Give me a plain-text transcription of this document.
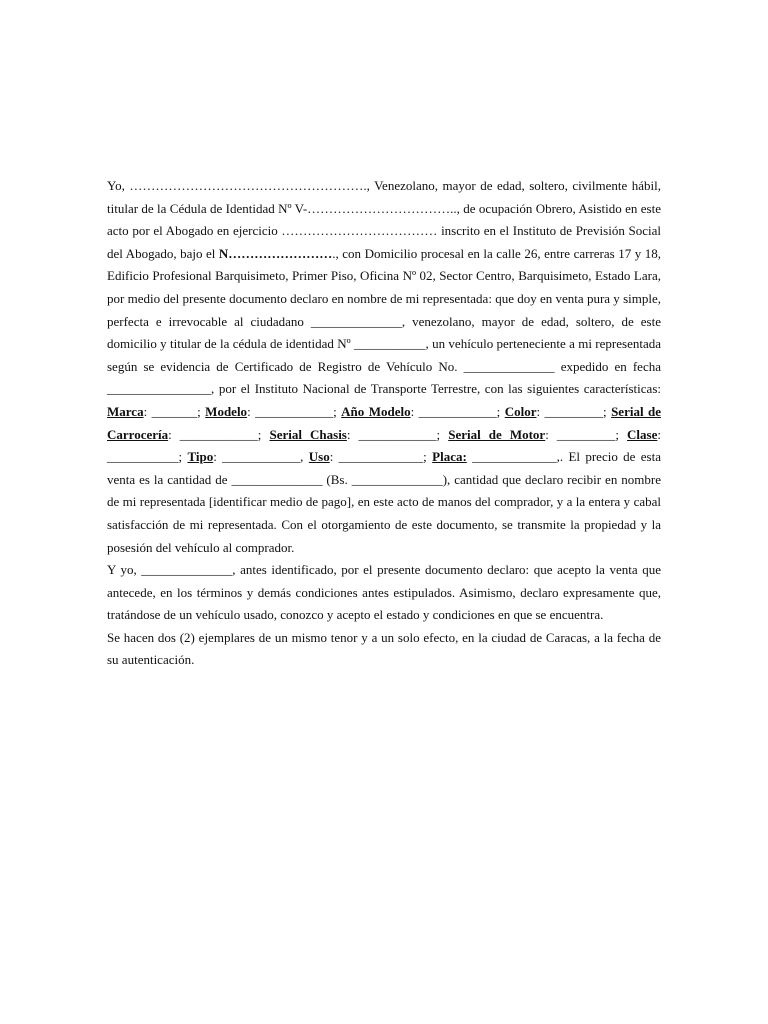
Yo, ………………………………………………., Venezolano, mayor de edad, soltero, civilmente hábil, titular de la Cédula de Identidad Nº V-…………………………….., de ocupación Obrero, Asistido en este acto por el Abogado en ejercicio ……………………………… inscrito en el Instituto de Previsión Social del Abogado, bajo el N……………………., con Domicilio procesal en la calle 26, entre carreras 17 y 18, Edificio Profesional Barquisimeto, Primer Piso, Oficina Nº 02, Sector Centro, Barquisimeto, Estado Lara, por medio del presente documento declaro en nombre de mi representada: que doy en venta pura y simple, perfecta e irrevocable al ciudadano ______________, venezolano, mayor de edad, soltero, de este domicilio y titular de la cédula de identidad Nº ___________, un vehículo perteneciente a mi representada según se evidencia de Certificado de Registro de Vehículo No. ______________ expedido en fecha ________________, por el Instituto Nacional de Transporte Terrestre, con las siguientes características: Marca: _______; Modelo: ____________; Año Modelo: ____________; Color: _________; Serial de Carrocería: ____________; Serial Chasis: ____________; Serial de Motor: _________; Clase: ___________; Tipo: ____________, Uso: _____________; Placa: _____________,. El precio de esta venta es la cantidad de ______________ (Bs. ______________), cantidad que declaro recibir en nombre de mi representada [identificar medio de pago], en este acto de manos del comprador, y a la entera y cabal satisfacción de mi representada. Con el otorgamiento de este documento, se transmite la propiedad y la posesión del vehículo al comprador.

Y yo, ______________, antes identificado, por el presente documento declaro: que acepto la venta que antecede, en los términos y demás condiciones antes estipulados. Asimismo, declaro expresamente que, tratándose de un vehículo usado, conozco y acepto el estado y condiciones en que se encuentra.

Se hacen dos (2) ejemplares de un mismo tenor y a un solo efecto, en la ciudad de Caracas, a la fecha de su autenticación.
